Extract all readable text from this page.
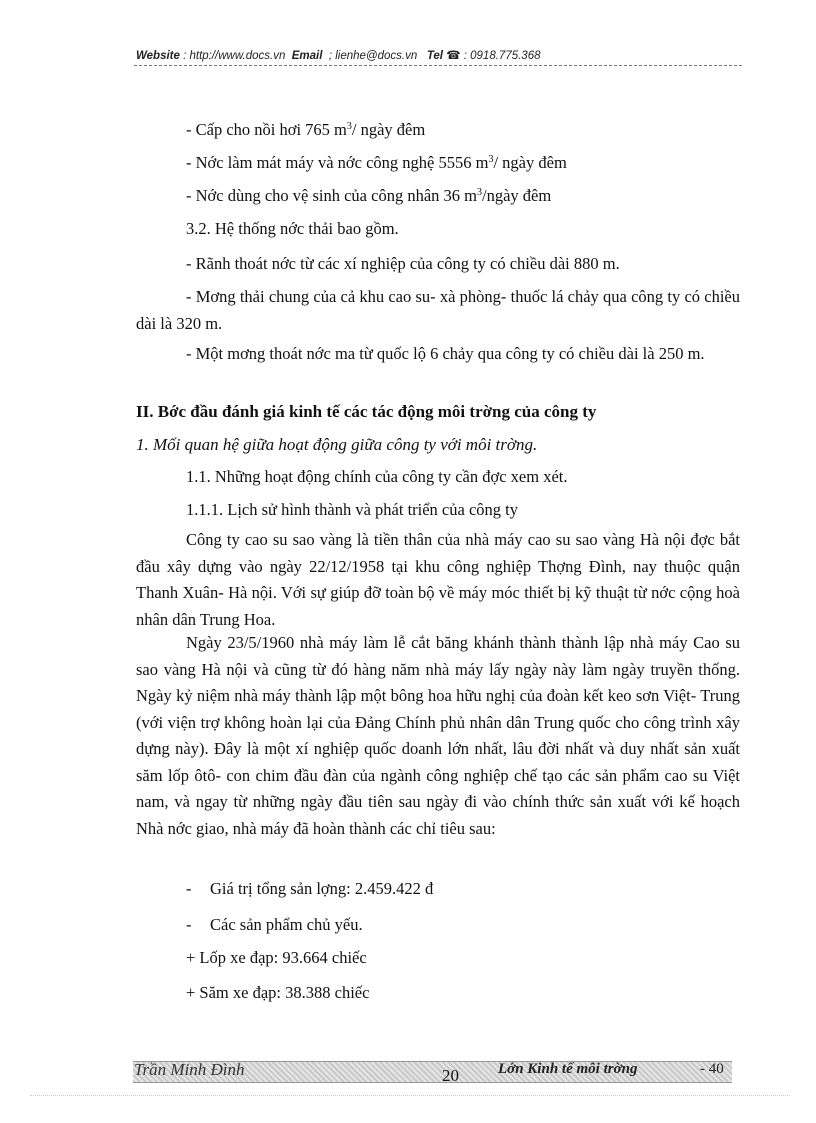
Website : http://www.docs.vn Email ; lienhe@docs.vn Tel ☎ : 0918.775.368
- Cấp cho nồi hơi 765 $m^3/$ ngày đêm
- Nớc làm mát máy và nớc công nghệ 5556 $m^3/$ ngày đêm
- Nớc dùng cho vệ sinh của công nhân 36 $m^3$/ngày đêm
3.2. Hệ thống nớc thải bao gồm.
- Rãnh thoát nớc từ các xí nghiệp của công ty có chiều dài 880 m.
- Mơng thải chung của cả khu cao su- xà phòng- thuốc lá chảy qua công ty có chiều dài là 320 m.
- Một mơng thoát nớc ma từ quốc lộ 6 chảy qua công ty có chiều dài là 250 m.
II. Bớc đầu đánh giá kinh tế các tác động môi trờng của công ty
1. Mối quan hệ giữa hoạt động giữa công ty với môi trờng.
1.1. Những hoạt động chính của công ty cần đợc xem xét.
1.1.1. Lịch sử hình thành và phát triển của công ty
Công ty cao su sao vàng là tiền thân của nhà máy cao su sao vàng Hà nội đợc bắt đầu xây dựng vào ngày 22/12/1958 tại khu công nghiệp Thợng Đình, nay thuộc quận Thanh Xuân- Hà nội. Với sự giúp đỡ toàn bộ về máy móc thiết bị kỹ thuật từ nớc cộng hoà nhân dân Trung Hoa.
Ngày 23/5/1960 nhà máy làm lễ cắt băng khánh thành thành lập nhà máy Cao su sao vàng Hà nội và cũng từ đó hàng năm nhà máy lấy ngày này làm ngày truyền thống. Ngày kỷ niệm nhà máy thành lập một bông hoa hữu nghị của đoàn kết keo sơn Việt- Trung (với viện trợ không hoàn lại của Đảng Chính phủ nhân dân Trung quốc cho công trình xây dựng này). Đây là một xí nghiệp quốc doanh lớn nhất, lâu đời nhất và duy nhất sản xuất săm lốp ôtô- con chim đầu đàn của ngành công nghiệp chế tạo các sản phẩm cao su Việt nam, và ngay từ những ngày đầu tiên sau ngày đi vào chính thức sản xuất với kế hoạch Nhà nớc giao, nhà máy đã hoàn thành các chỉ tiêu sau:
- Giá trị tổng sản lợng: 2.459.422 đ
- Các sản phẩm chủ yếu.
+ Lốp xe đạp: 93.664 chiếc
+ Săm xe đạp: 38.388 chiếc
Trần Minh Đình	20	Lớn Kinh tế môi trờng	- 40
